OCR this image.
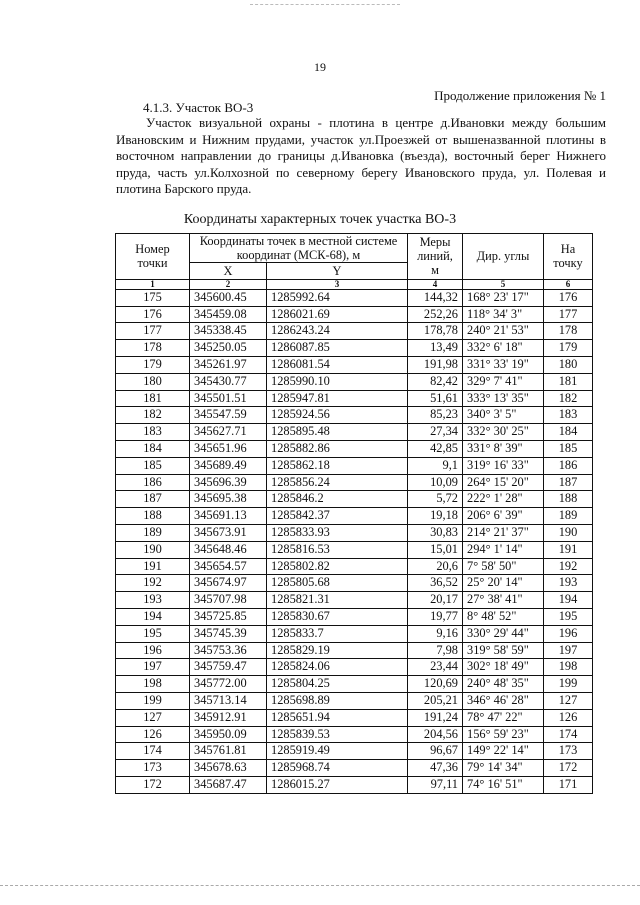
19
Продолжение приложения № 1
4.1.3. Участок ВО-3
Участок визуальной охраны - плотина в центре д.Ивановки между большим Ивановским и Нижним прудами, участок ул.Проезжей от вышеназванной плотины в восточном направлении до границы д.Ивановка (въезда), восточный берег Нижнего пруда, часть ул.Колхозной по северному берегу Ивановского пруда, ул. Полевая и плотина Барского пруда.
Координаты характерных точек участка ВО-3
Номер точки	Координаты точек в местной системе координат (МСК-68), м		Меры линий, м	Дир. углы	На точку
	X	Y			
1	2	3	4	5	6
175	345600.45	1285992.64	144,32	168° 23' 17"	176
176	345459.08	1286021.69	252,26	118° 34' 3"	177
177	345338.45	1286243.24	178,78	240° 21' 53"	178
178	345250.05	1286087.85	13,49	332° 6' 18"	179
179	345261.97	1286081.54	191,98	331° 33' 19"	180
180	345430.77	1285990.10	82,42	329° 7' 41"	181
181	345501.51	1285947.81	51,61	333° 13' 35"	182
182	345547.59	1285924.56	85,23	340° 3' 5"	183
183	345627.71	1285895.48	27,34	332° 30' 25"	184
184	345651.96	1285882.86	42,85	331° 8' 39"	185
185	345689.49	1285862.18	9,1	319° 16' 33"	186
186	345696.39	1285856.24	10,09	264° 15' 20"	187
187	345695.38	1285846.2	5,72	222° 1' 28"	188
188	345691.13	1285842.37	19,18	206° 6' 39"	189
189	345673.91	1285833.93	30,83	214° 21' 37"	190
190	345648.46	1285816.53	15,01	294° 1' 14"	191
191	345654.57	1285802.82	20,6	7° 58' 50"	192
192	345674.97	1285805.68	36,52	25° 20' 14"	193
193	345707.98	1285821.31	20,17	27° 38' 41"	194
194	345725.85	1285830.67	19,77	8° 48' 52"	195
195	345745.39	1285833.7	9,16	330° 29' 44"	196
196	345753.36	1285829.19	7,98	319° 58' 59"	197
197	345759.47	1285824.06	23,44	302° 18' 49"	198
198	345772.00	1285804.25	120,69	240° 48' 35"	199
199	345713.14	1285698.89	205,21	346° 46' 28"	127
127	345912.91	1285651.94	191,24	78° 47' 22"	126
126	345950.09	1285839.53	204,56	156° 59' 23"	174
174	345761.81	1285919.49	96,67	149° 22' 14"	173
173	345678.63	1285968.74	47,36	79° 14' 34"	172
172	345687.47	1286015.27	97,11	74° 16' 51"	171
